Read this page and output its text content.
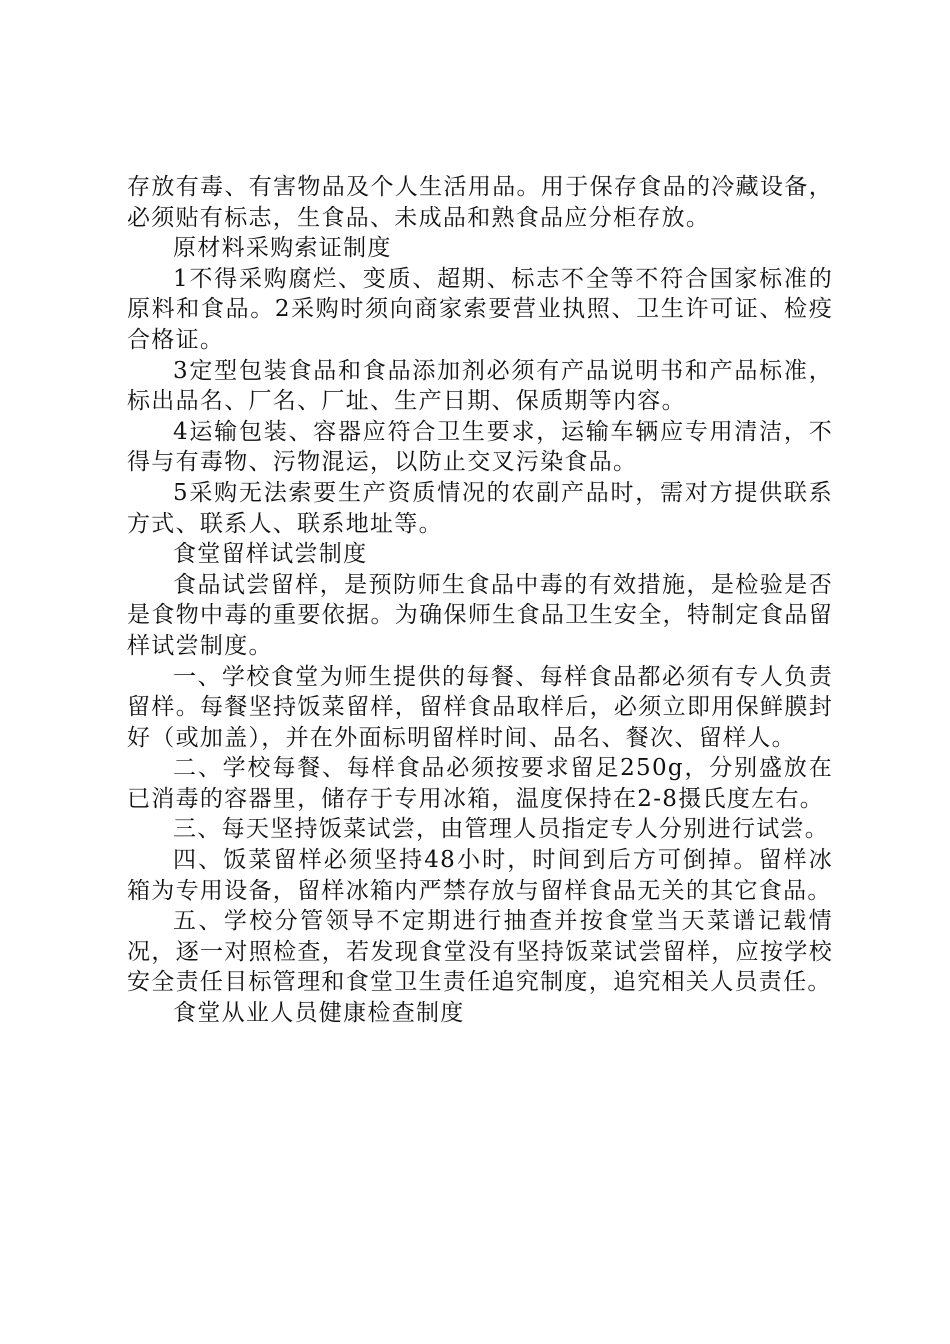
存放有毒、有害物品及个人生活用品。用于保存食品的冷藏设备，必须贴有标志，生食品、未成品和熟食品应分柜存放。

原材料采购索证制度

1不得采购腐烂、变质、超期、标志不全等不符合国家标准的原料和食品。2采购时须向商家索要营业执照、卫生许可证、检疫合格证。

3定型包装食品和食品添加剂必须有产品说明书和产品标准，标出品名、厂名、厂址、生产日期、保质期等内容。

4运输包装、容器应符合卫生要求，运输车辆应专用清洁，不得与有毒物、污物混运，以防止交叉污染食品。

5采购无法索要生产资质情况的农副产品时，需对方提供联系方式、联系人、联系地址等。

食堂留样试尝制度

食品试尝留样，是预防师生食品中毒的有效措施，是检验是否是食物中毒的重要依据。为确保师生食品卫生安全，特制定食品留样试尝制度。

一、学校食堂为师生提供的每餐、每样食品都必须有专人负责留样。每餐坚持饭菜留样，留样食品取样后，必须立即用保鲜膜封好（或加盖），并在外面标明留样时间、品名、餐次、留样人。

二、学校每餐、每样食品必须按要求留足250g，分别盛放在已消毒的容器里，储存于专用冰箱，温度保持在2-8摄氏度左右。

三、每天坚持饭菜试尝，由管理人员指定专人分别进行试尝。

四、饭菜留样必须坚持48小时，时间到后方可倒掉。留样冰箱为专用设备，留样冰箱内严禁存放与留样食品无关的其它食品。

五、学校分管领导不定期进行抽查并按食堂当天菜谱记载情况，逐一对照检查，若发现食堂没有坚持饭菜试尝留样，应按学校安全责任目标管理和食堂卫生责任追究制度，追究相关人员责任。

食堂从业人员健康检查制度
